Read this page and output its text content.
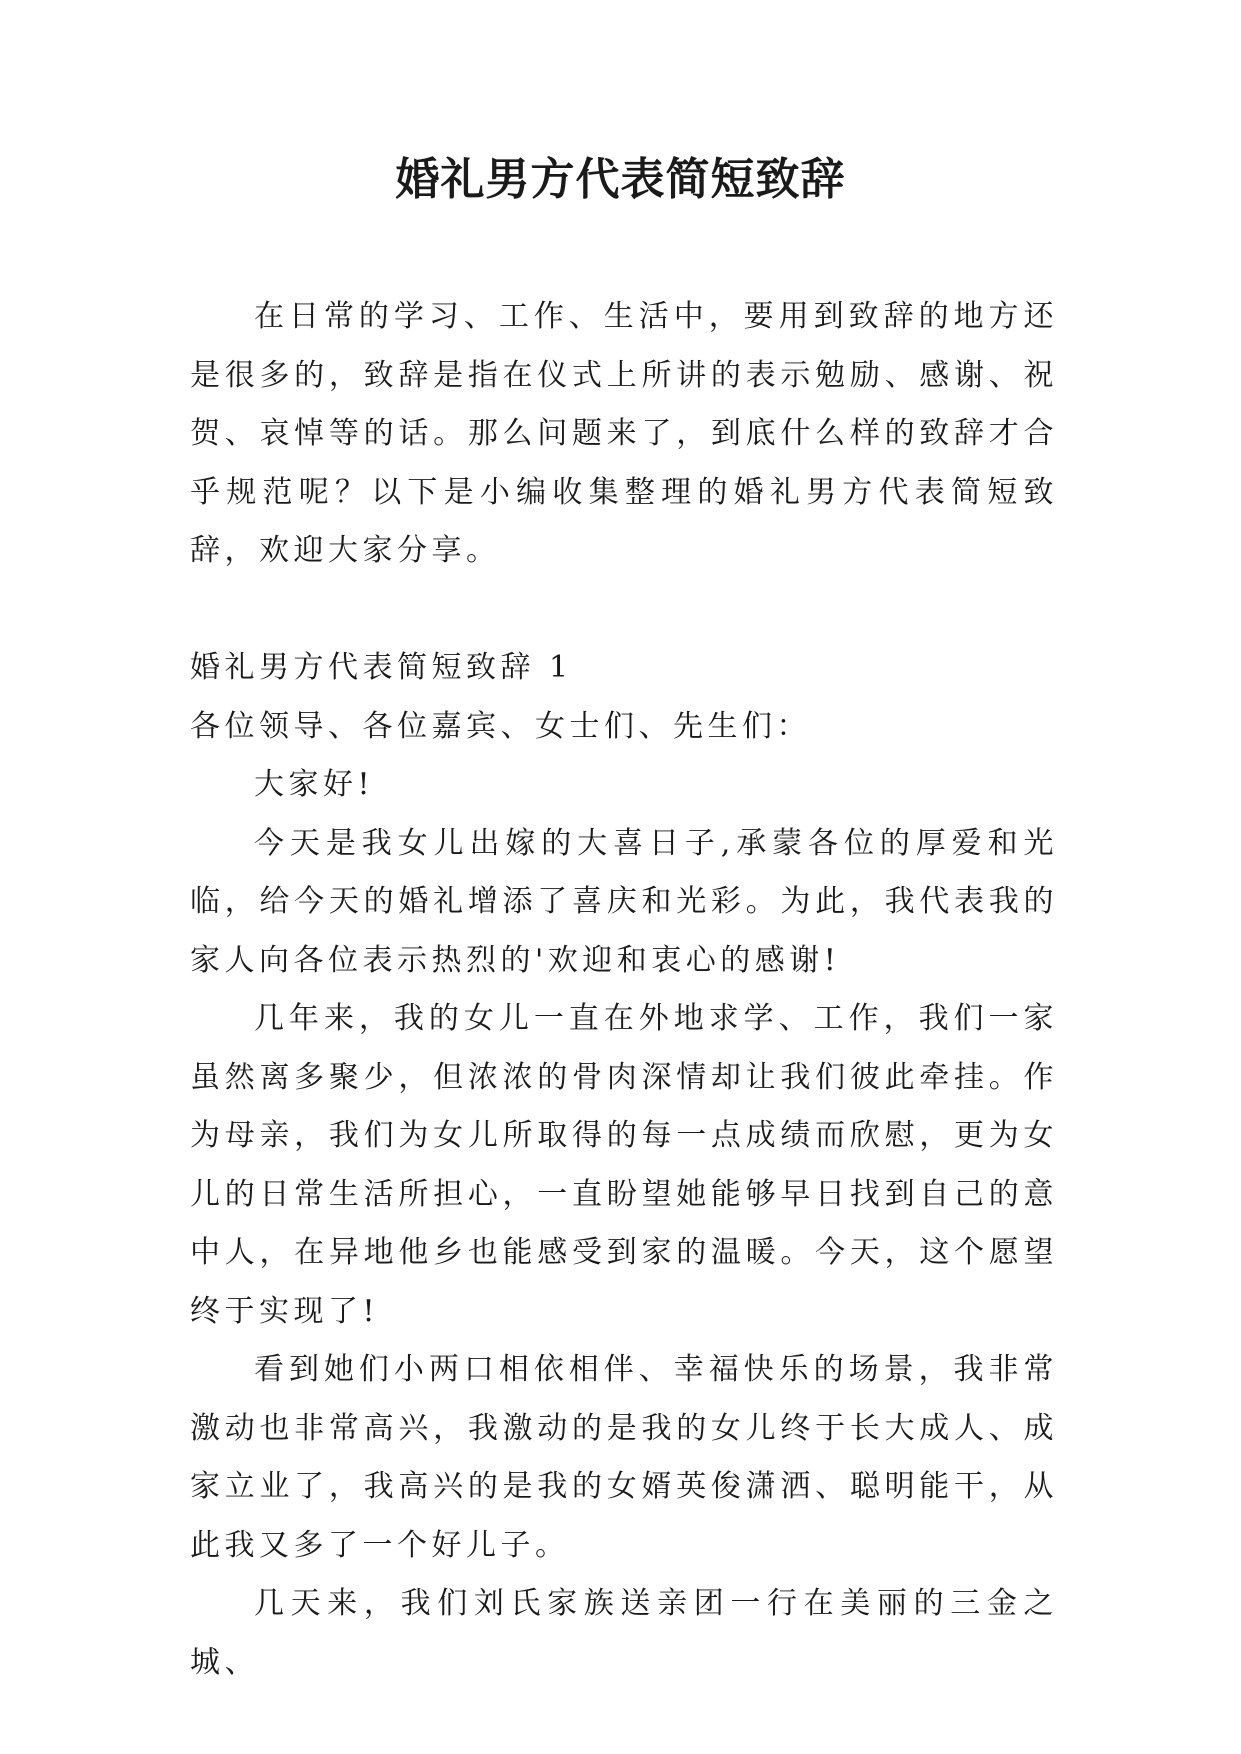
婚礼男方代表简短致辞

在日常的学习、工作、生活中，要用到致辞的地方还是很多的，致辞是指在仪式上所讲的表示勉励、感谢、祝贺、哀悼等的话。那么问题来了，到底什么样的致辞才合乎规范呢？以下是小编收集整理的婚礼男方代表简短致辞，欢迎大家分享。

婚礼男方代表简短致辞 1

各位领导、各位嘉宾、女士们、先生们：

大家好!

今天是我女儿出嫁的大喜日子,承蒙各位的厚爱和光临，给今天的婚礼增添了喜庆和光彩。为此，我代表我的家人向各位表示热烈的'欢迎和衷心的感谢!

几年来，我的女儿一直在外地求学、工作，我们一家虽然离多聚少，但浓浓的骨肉深情却让我们彼此牵挂。作为母亲，我们为女儿所取得的每一点成绩而欣慰，更为女儿的日常生活所担心，一直盼望她能够早日找到自己的意中人，在异地他乡也能感受到家的温暖。今天，这个愿望终于实现了!

看到她们小两口相依相伴、幸福快乐的场景，我非常激动也非常高兴，我激动的是我的女儿终于长大成人、成家立业了，我高兴的是我的女婿英俊潇洒、聪明能干，从此我又多了一个好儿子。

几天来，我们刘氏家族送亲团一行在美丽的三金之城、
